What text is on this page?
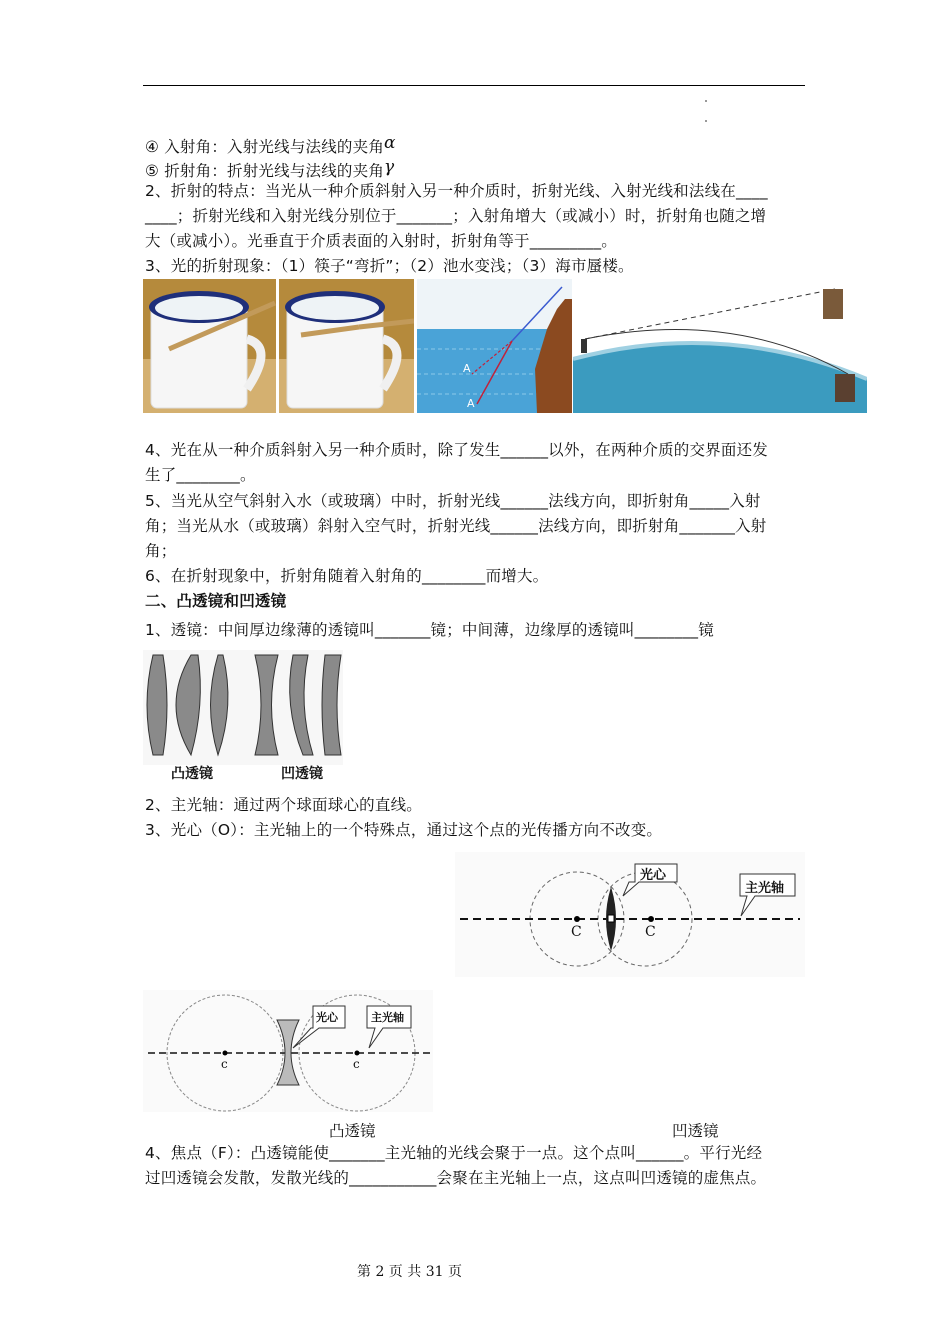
④ 入射角：入射光线与法线的夹角α
⑤ 折射角：折射光线与法线的夹角γ
2、折射的特点：当光从一种介质斜射入另一种介质时，折射光线、入射光线和法线在____
____；折射光线和入射光线分别位于_______；入射角增大（或减小）时，折射角也随之增
大（或减小）。光垂直于介质表面的入射时，折射角等于_________。
3、光的折射现象：（1）筷子“弯折”；（2）池水变浅；（3）海市蜃楼。
A
A
4、光在从一种介质斜射入另一种介质时，除了发生______以外，在两种介质的交界面还发
生了________。
5、当光从空气斜射入水（或玻璃）中时，折射光线______法线方向，即折射角_____入射
角；当光从水（或玻璃）斜射入空气时，折射光线______法线方向，即折射角_______入射
角；
6、在折射现象中，折射角随着入射角的________而增大。
二、凸透镜和凹透镜
1、透镜：中间厚边缘薄的透镜叫_______镜；中间薄，边缘厚的透镜叫________镜
凸透镜	凹透镜
2、主光轴：通过两个球面球心的直线。
3、光心（O）：主光轴上的一个特殊点，通过这个点的光传播方向不改变。
光心
主光轴
C	C
光心	主光轴
c	c
凸透镜	凹透镜
4、焦点（F）：凸透镜能使_______主光轴的光线会聚于一点。这个点叫______。平行光经
过凹透镜会发散，发散光线的___________会聚在主光轴上一点，这点叫凹透镜的虚焦点。
第 2 页 共 31 页
